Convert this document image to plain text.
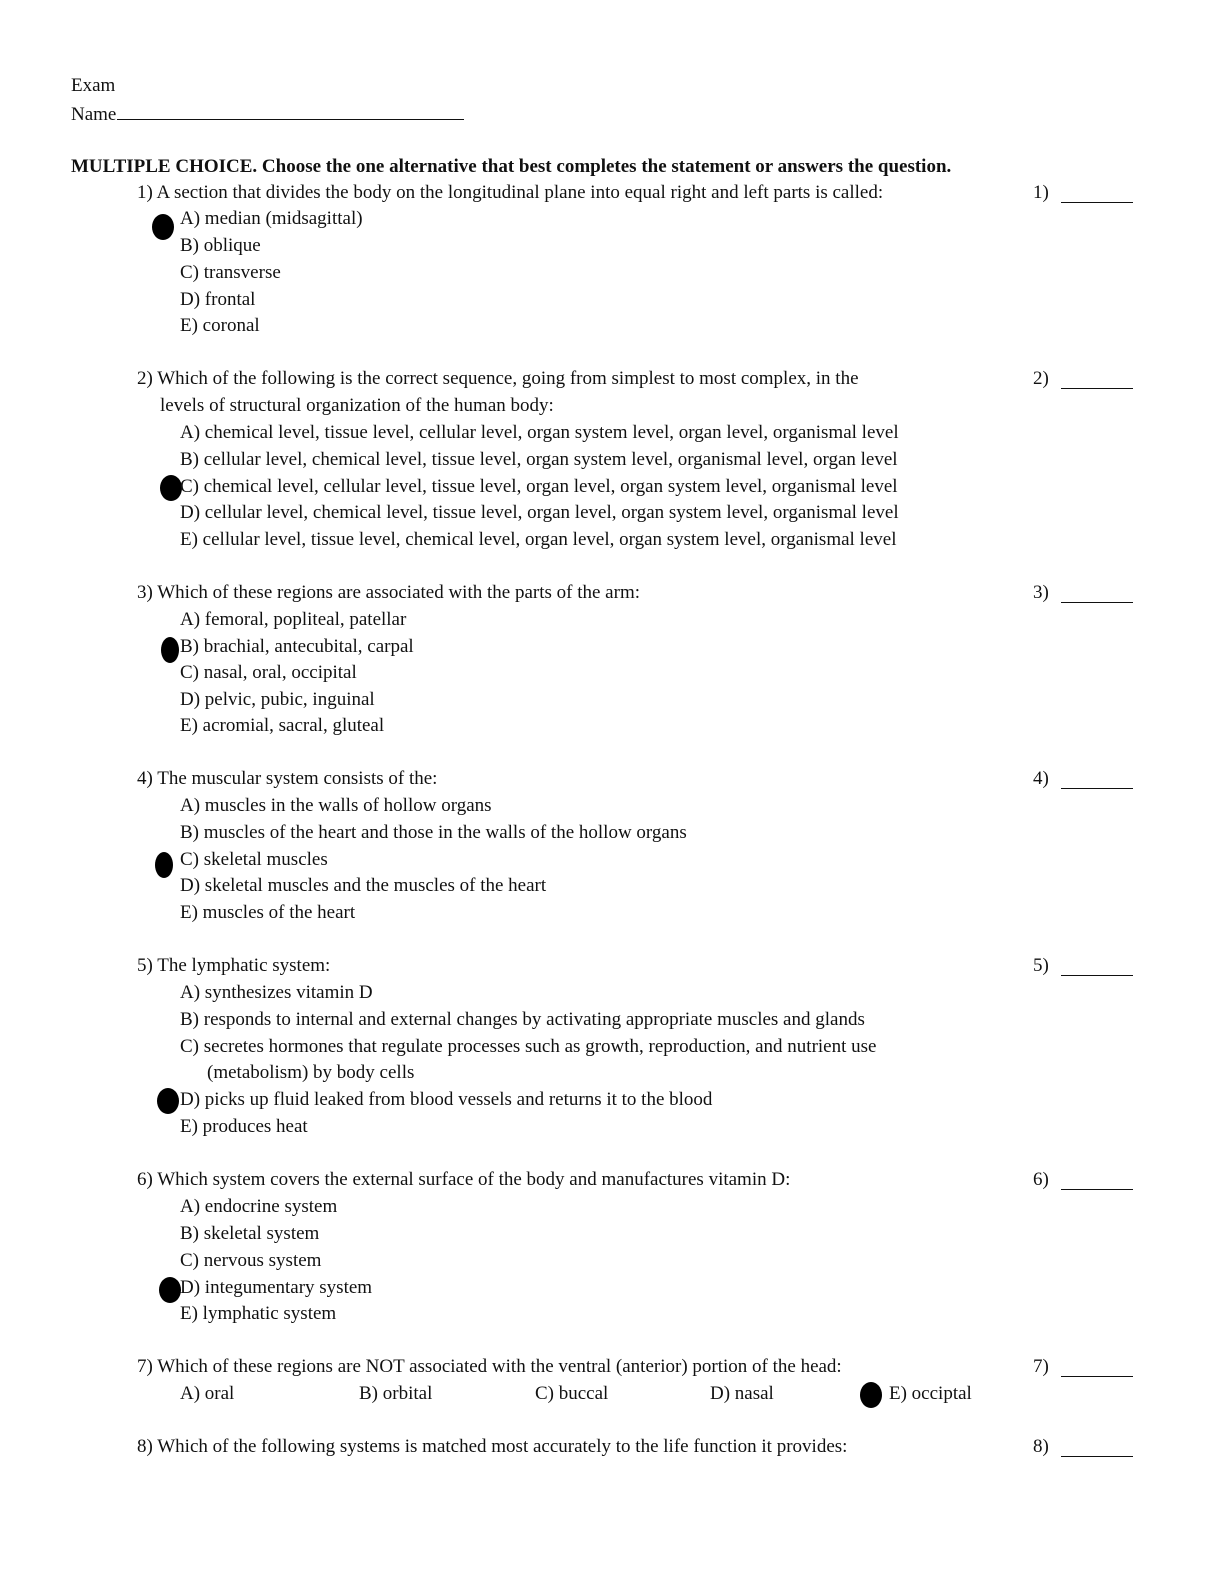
Exam
Name
MULTIPLE CHOICE. Choose the one alternative that best completes the statement or answers the question.
1) A section that divides the body on the longitudinal plane into equal right and left parts is called:	1)
A) median (midsagittal)
B) oblique
C) transverse
D) frontal
E) coronal
2) Which of the following is the correct sequence, going from simplest to most complex, in the
levels of structural organization of the human body:
2)
A) chemical level, tissue level, cellular level, organ system level, organ level, organismal level
B) cellular level, chemical level, tissue level, organ system level, organismal level, organ level
C) chemical level, cellular level, tissue level, organ level, organ system level, organismal level
D) cellular level, chemical level, tissue level, organ level, organ system level, organismal level
E) cellular level, tissue level, chemical level, organ level, organ system level, organismal level
3) Which of these regions are associated with the parts of the arm:	3)
A) femoral, popliteal, patellar
B) brachial, antecubital, carpal
C) nasal, oral, occipital
D) pelvic, pubic, inguinal
E) acromial, sacral, gluteal
4) The muscular system consists of the:	4)
A) muscles in the walls of hollow organs
B) muscles of the heart and those in the walls of the hollow organs
C) skeletal muscles
D) skeletal muscles and the muscles of the heart
E) muscles of the heart
5) The lymphatic system:	5)
A) synthesizes vitamin D
B) responds to internal and external changes by activating appropriate muscles and glands
C) secretes hormones that regulate processes such as growth, reproduction, and nutrient use
(metabolism) by body cells
D) picks up fluid leaked from blood vessels and returns it to the blood
E) produces heat
6) Which system covers the external surface of the body and manufactures vitamin D:	6)
A) endocrine system
B) skeletal system
C) nervous system
D) integumentary system
E) lymphatic system
7) Which of these regions are NOT associated with the ventral (anterior) portion of the head:	7)
A) oral	B) orbital	C) buccal	D) nasal	E) occiptal
8) Which of the following systems is matched most accurately to the life function it provides:	8)
